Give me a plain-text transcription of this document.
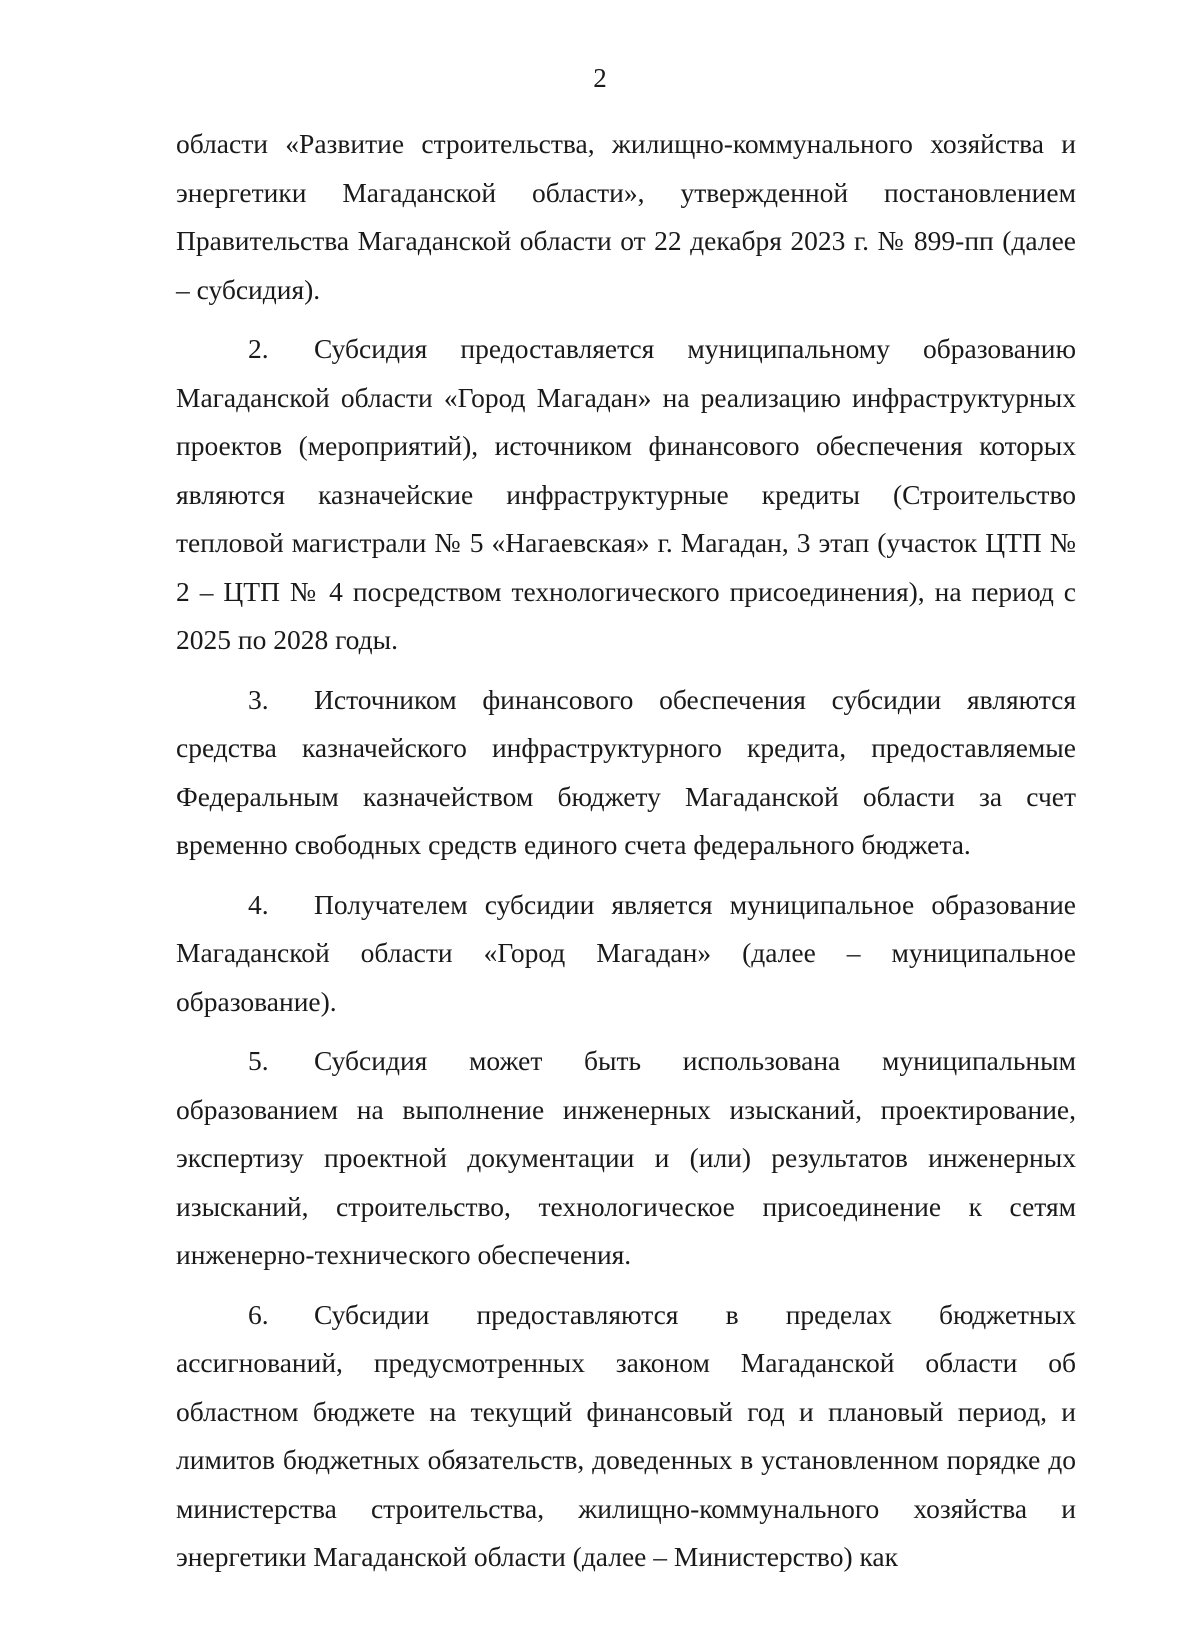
2

области «Развитие строительства, жилищно-коммунального хозяйства и энергетики Магаданской области», утвержденной постановлением Правительства Магаданской области от 22 декабря 2023 г. № 899-пп (далее – субсидия).

2. Субсидия предоставляется муниципальному образованию Магаданской области «Город Магадан» на реализацию инфраструктурных проектов (мероприятий), источником финансового обеспечения которых являются казначейские инфраструктурные кредиты (Строительство тепловой магистрали № 5 «Нагаевская» г. Магадан, 3 этап (участок ЦТП № 2 – ЦТП № 4 посредством технологического присоединения), на период с 2025 по 2028 годы.

3. Источником финансового обеспечения субсидии являются средства казначейского инфраструктурного кредита, предоставляемые Федеральным казначейством бюджету Магаданской области за счет временно свободных средств единого счета федерального бюджета.

4. Получателем субсидии является муниципальное образование Магаданской области «Город Магадан» (далее – муниципальное образование).

5. Субсидия может быть использована муниципальным образованием на выполнение инженерных изысканий, проектирование, экспертизу проектной документации и (или) результатов инженерных изысканий, строительство, технологическое присоединение к сетям инженерно-технического обеспечения.

6. Субсидии предоставляются в пределах бюджетных ассигнований, предусмотренных законом Магаданской области об областном бюджете на текущий финансовый год и плановый период, и лимитов бюджетных обязательств, доведенных в установленном порядке до министерства строительства, жилищно-коммунального хозяйства и энергетики Магаданской области (далее – Министерство) как
